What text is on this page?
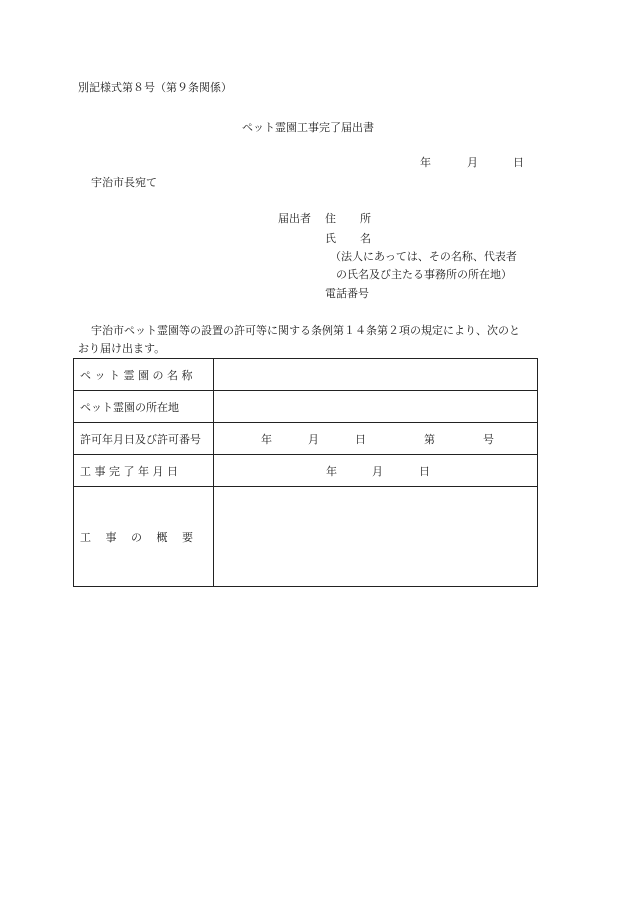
別記様式第８号（第９条関係）
ペット霊園工事完了届出書
年	月	日
宇治市長宛て
届出者 住 所
氏 名
（法人にあっては、その名称、代表者
の氏名及び主たる事務所の所在地）
電話番号
宇治市ペット霊園等の設置の許可等に関する条例第１４条第２項の規定により、次のと
おり届け出ます。
ペ ッ ト 霊 園 の 名 称
ペット霊園の所在地
許可年月日及び許可番号	年	月	日	第	号
工 事 完 了 年 月 日	年	月	日
工　 事　 の　 概　 要
